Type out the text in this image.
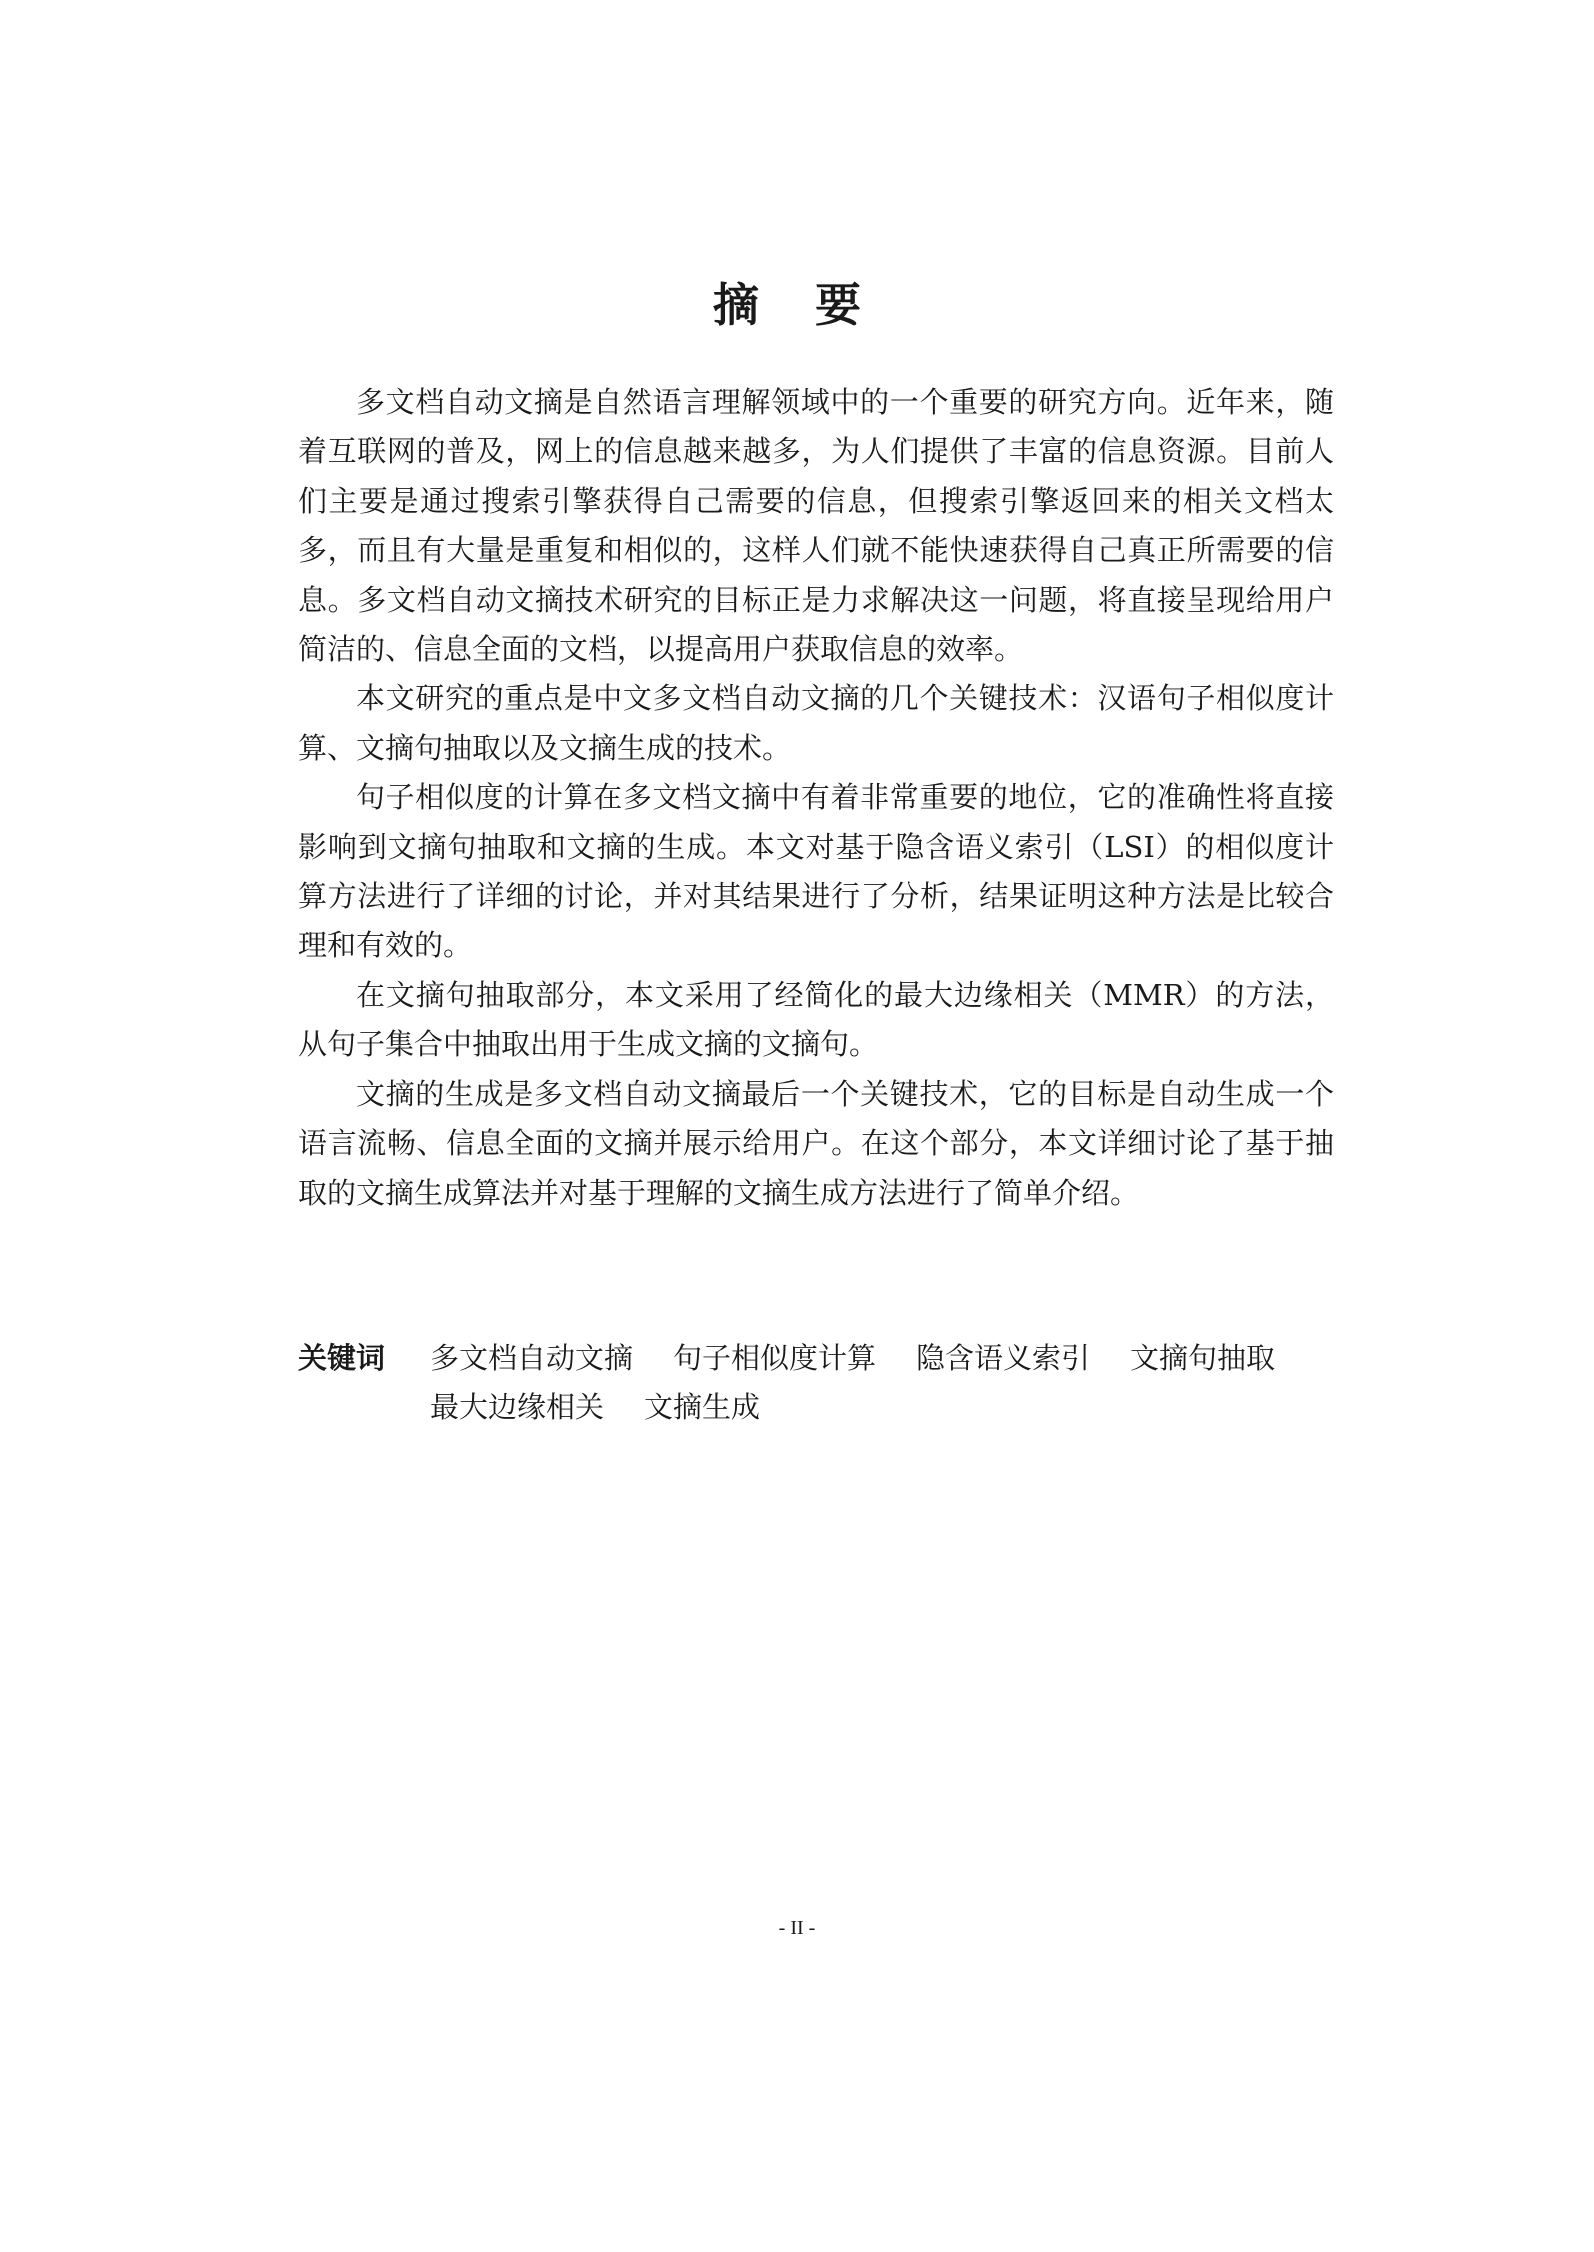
摘 要

多文档自动文摘是自然语言理解领域中的一个重要的研究方向。近年来，随着互联网的普及，网上的信息越来越多，为人们提供了丰富的信息资源。目前人们主要是通过搜索引擎获得自己需要的信息，但搜索引擎返回来的相关文档太多，而且有大量是重复和相似的，这样人们就不能快速获得自己真正所需要的信息。多文档自动文摘技术研究的目标正是力求解决这一问题，将直接呈现给用户简洁的、信息全面的文档，以提高用户获取信息的效率。

本文研究的重点是中文多文档自动文摘的几个关键技术：汉语句子相似度计算、文摘句抽取以及文摘生成的技术。

句子相似度的计算在多文档文摘中有着非常重要的地位，它的准确性将直接影响到文摘句抽取和文摘的生成。本文对基于隐含语义索引（LSI）的相似度计算方法进行了详细的讨论，并对其结果进行了分析，结果证明这种方法是比较合理和有效的。

在文摘句抽取部分，本文采用了经简化的最大边缘相关（MMR）的方法，从句子集合中抽取出用于生成文摘的文摘句。

文摘的生成是多文档自动文摘最后一个关键技术，它的目标是自动生成一个语言流畅、信息全面的文摘并展示给用户。在这个部分，本文详细讨论了基于抽取的文摘生成算法并对基于理解的文摘生成方法进行了简单介绍。

关键词	多文档自动文摘 句子相似度计算 隐含语义索引 文摘句抽取
最大边缘相关 文摘生成
- II -
